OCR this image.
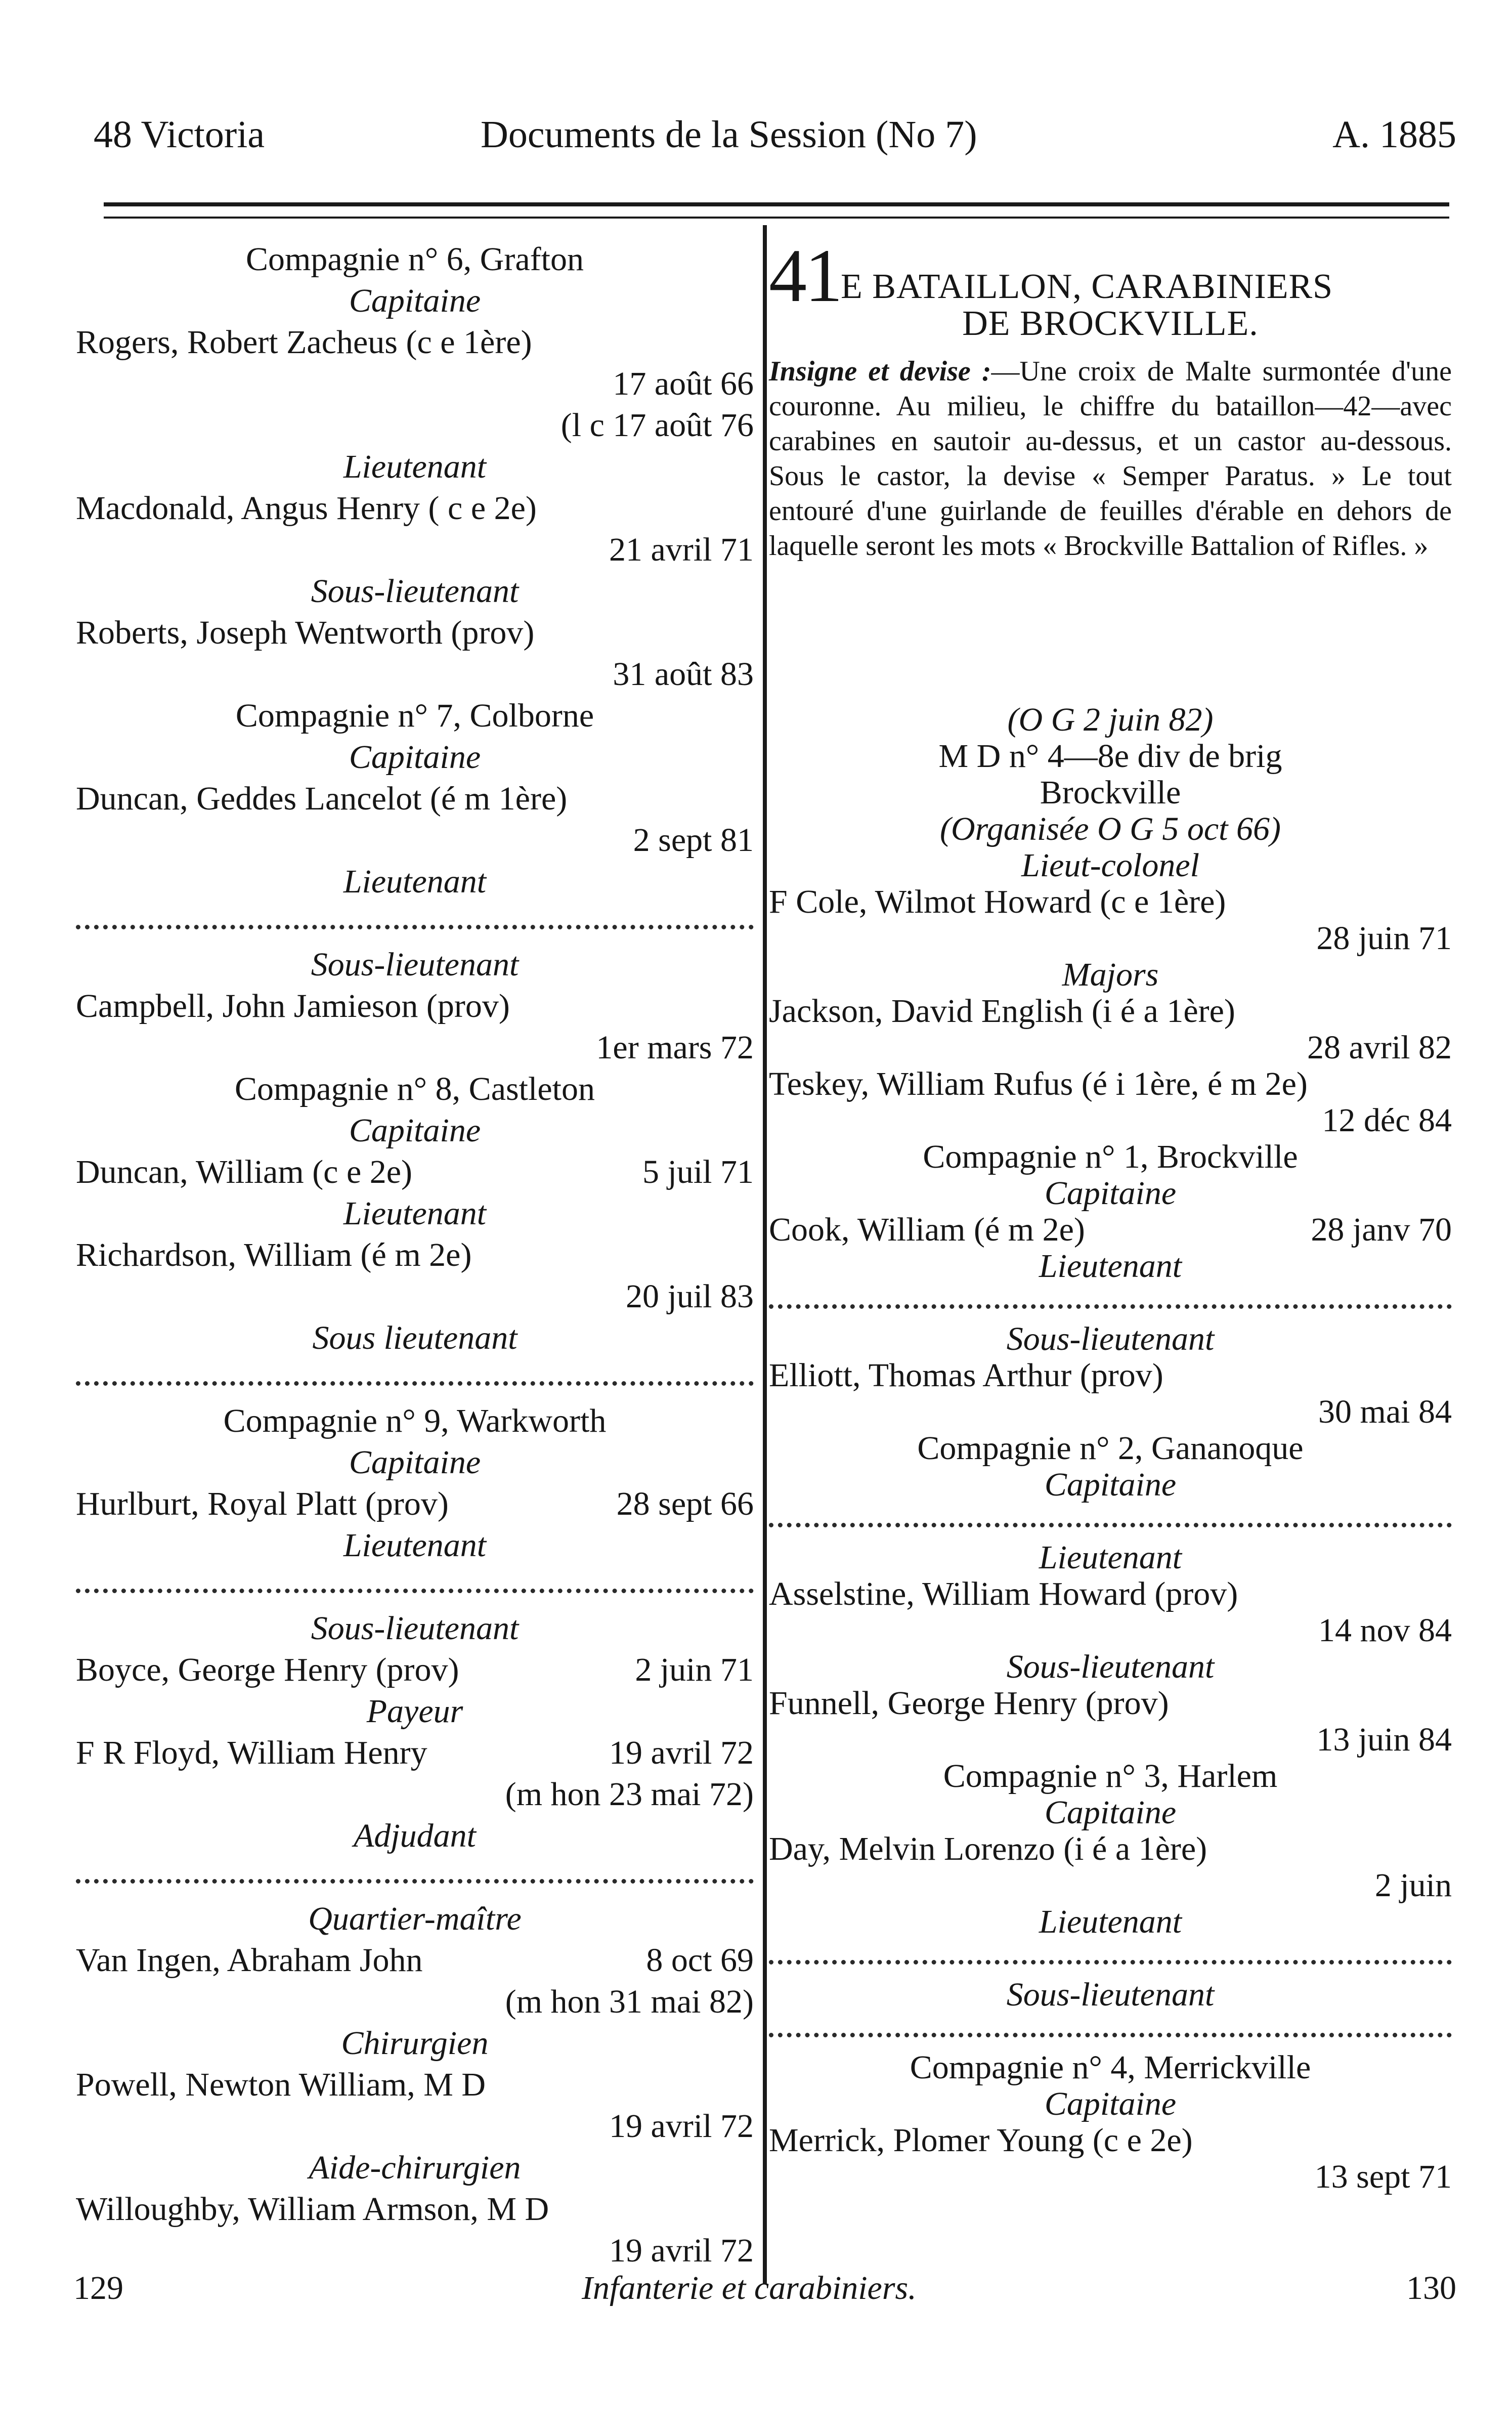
48 Victoria	Documents de la Session (No 7)	A. 1885
Compagnie n° 6, Grafton
Capitaine
Rogers, Robert Zacheus (c e 1ère)
17 août 66
(l c 17 août 76
Lieutenant
Macdonald, Angus Henry ( c e 2e)
21 avril 71
Sous-lieutenant
Roberts, Joseph Wentworth (prov)
31 août 83
Compagnie n° 7, Colborne
Capitaine
Duncan, Geddes Lancelot (é m 1ère)
2 sept 81
Lieutenant
Sous-lieutenant
Campbell, John Jamieson (prov)
1er mars 72
Compagnie n° 8, Castleton
Capitaine
Duncan, William (c e 2e)	5 juil 71
Lieutenant
Richardson, William (é m 2e)
20 juil 83
Sous lieutenant
Compagnie n° 9, Warkworth
Capitaine
Hurlburt, Royal Platt (prov)	28 sept 66
Lieutenant
Sous-lieutenant
Boyce, George Henry (prov)	2 juin 71
Payeur
F R Floyd, William Henry	19 avril 72
(m hon 23 mai 72)
Adjudant
Quartier-maître
Van Ingen, Abraham John	8 oct 69
(m hon 31 mai 82)
Chirurgien
Powell, Newton William, M D
19 avril 72
Aide-chirurgien
Willoughby, William Armson, M D
19 avril 72
41E BATAILLON, CARABINIERS
DE BROCKVILLE.
Insigne et devise :—Une croix de Malte surmontée d'une couronne. Au milieu, le chiffre du bataillon—42—avec carabines en sautoir au-dessus, et un castor au-dessous. Sous le castor, la devise « Semper Paratus. » Le tout entouré d'une guirlande de feuilles d'érable en dehors de laquelle seront les mots « Brockville Battalion of Rifles. »
(O G 2 juin 82)
M D n° 4—8e div de brig
Brockville
(Organisée O G 5 oct 66)
Lieut-colonel
F Cole, Wilmot Howard (c e 1ère)
28 juin 71
Majors
Jackson, David English (i é a 1ère)
28 avril 82
Teskey, William Rufus (é i 1ère, é m 2e)
12 déc 84
Compagnie n° 1, Brockville
Capitaine
Cook, William (é m 2e)	28 janv 70
Lieutenant
Sous-lieutenant
Elliott, Thomas Arthur (prov)
30 mai 84
Compagnie n° 2, Gananoque
Capitaine
Lieutenant
Asselstine, William Howard (prov)
14 nov 84
Sous-lieutenant
Funnell, George Henry (prov)
13 juin 84
Compagnie n° 3, Harlem
Capitaine
Day, Melvin Lorenzo (i é a 1ère)
2 juin
Lieutenant
Sous-lieutenant
Compagnie n° 4, Merrickville
Capitaine
Merrick, Plomer Young (c e 2e)
13 sept 71
129	Infanterie et carabiniers.	130
